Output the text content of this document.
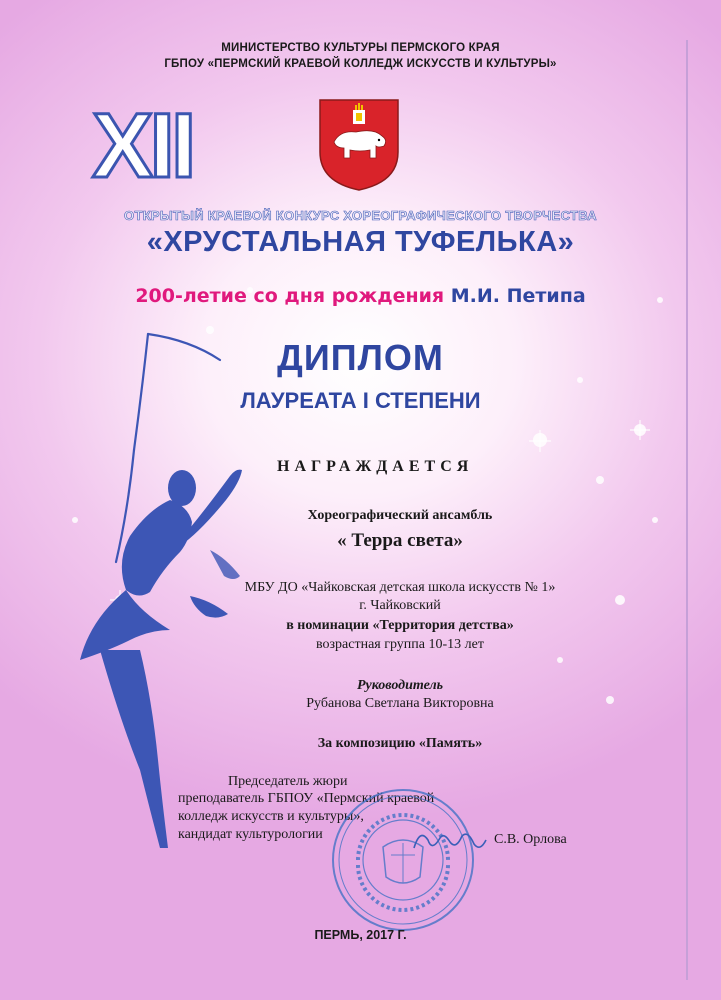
МИНИСТЕРСТВО КУЛЬТУРЫ ПЕРМСКОГО КРАЯ
ГБПОУ «ПЕРМСКИЙ КРАЕВОЙ КОЛЛЕДЖ ИСКУССТВ И КУЛЬТУРЫ»
XII
ОТКРЫТЫЙ КРАЕВОЙ КОНКУРС ХОРЕОГРАФИЧЕСКОГО ТВОРЧЕСТВА
«ХРУСТАЛЬНАЯ ТУФЕЛЬКА»
200-летие со дня рождения М.И. Петипа
ДИПЛОМ
ЛАУРЕАТА I СТЕПЕНИ
НАГРАЖДАЕТСЯ
Хореографический ансамбль
« Терра света»
МБУ ДО «Чайковская детская школа искусств № 1»
г. Чайковский
в номинации «Территория детства»
возрастная группа 10-13 лет
Руководитель
Рубанова Светлана Викторовна
За композицию «Память»
Председатель жюри
преподаватель ГБПОУ «Пермский краевой
колледж искусств и культуры»,
кандидат культурологии	С.В. Орлова
ПЕРМЬ, 2017 Г.
